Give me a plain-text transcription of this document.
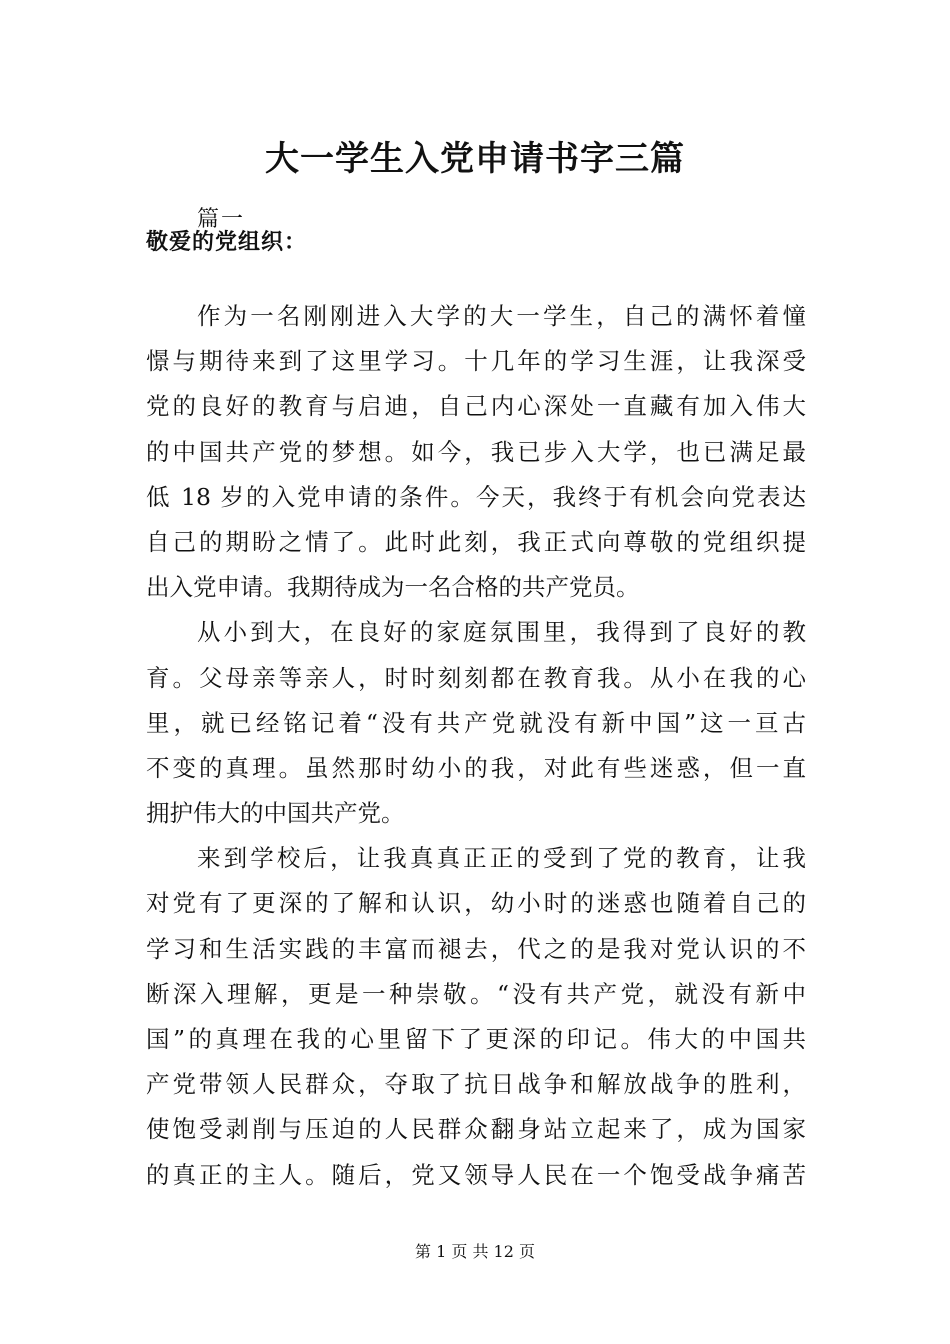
大一学生入党申请书字三篇
篇一
敬爱的党组织：
作为一名刚刚进入大学的大一学生，自己的满怀着憧
憬与期待来到了这里学习。十几年的学习生涯，让我深受
党的良好的教育与启迪，自己内心深处一直藏有加入伟大
的中国共产党的梦想。如今，我已步入大学，也已满足最
低 18 岁的入党申请的条件。今天，我终于有机会向党表达
自己的期盼之情了。此时此刻，我正式向尊敬的党组织提
出入党申请。我期待成为一名合格的共产党员。
从小到大，在良好的家庭氛围里，我得到了良好的教
育。父母亲等亲人，时时刻刻都在教育我。从小在我的心
里，就已经铭记着“没有共产党就没有新中国”这一亘古
不变的真理。虽然那时幼小的我，对此有些迷惑，但一直
拥护伟大的中国共产党。
来到学校后，让我真真正正的受到了党的教育，让我
对党有了更深的了解和认识，幼小时的迷惑也随着自己的
学习和生活实践的丰富而褪去，代之的是我对党认识的不
断深入理解，更是一种崇敬。“没有共产党，就没有新中
国”的真理在我的心里留下了更深的印记。伟大的中国共
产党带领人民群众，夺取了抗日战争和解放战争的胜利，
使饱受剥削与压迫的人民群众翻身站立起来了，成为国家
的真正的主人。随后，党又领导人民在一个饱受战争痛苦
第 1 页 共 12 页
